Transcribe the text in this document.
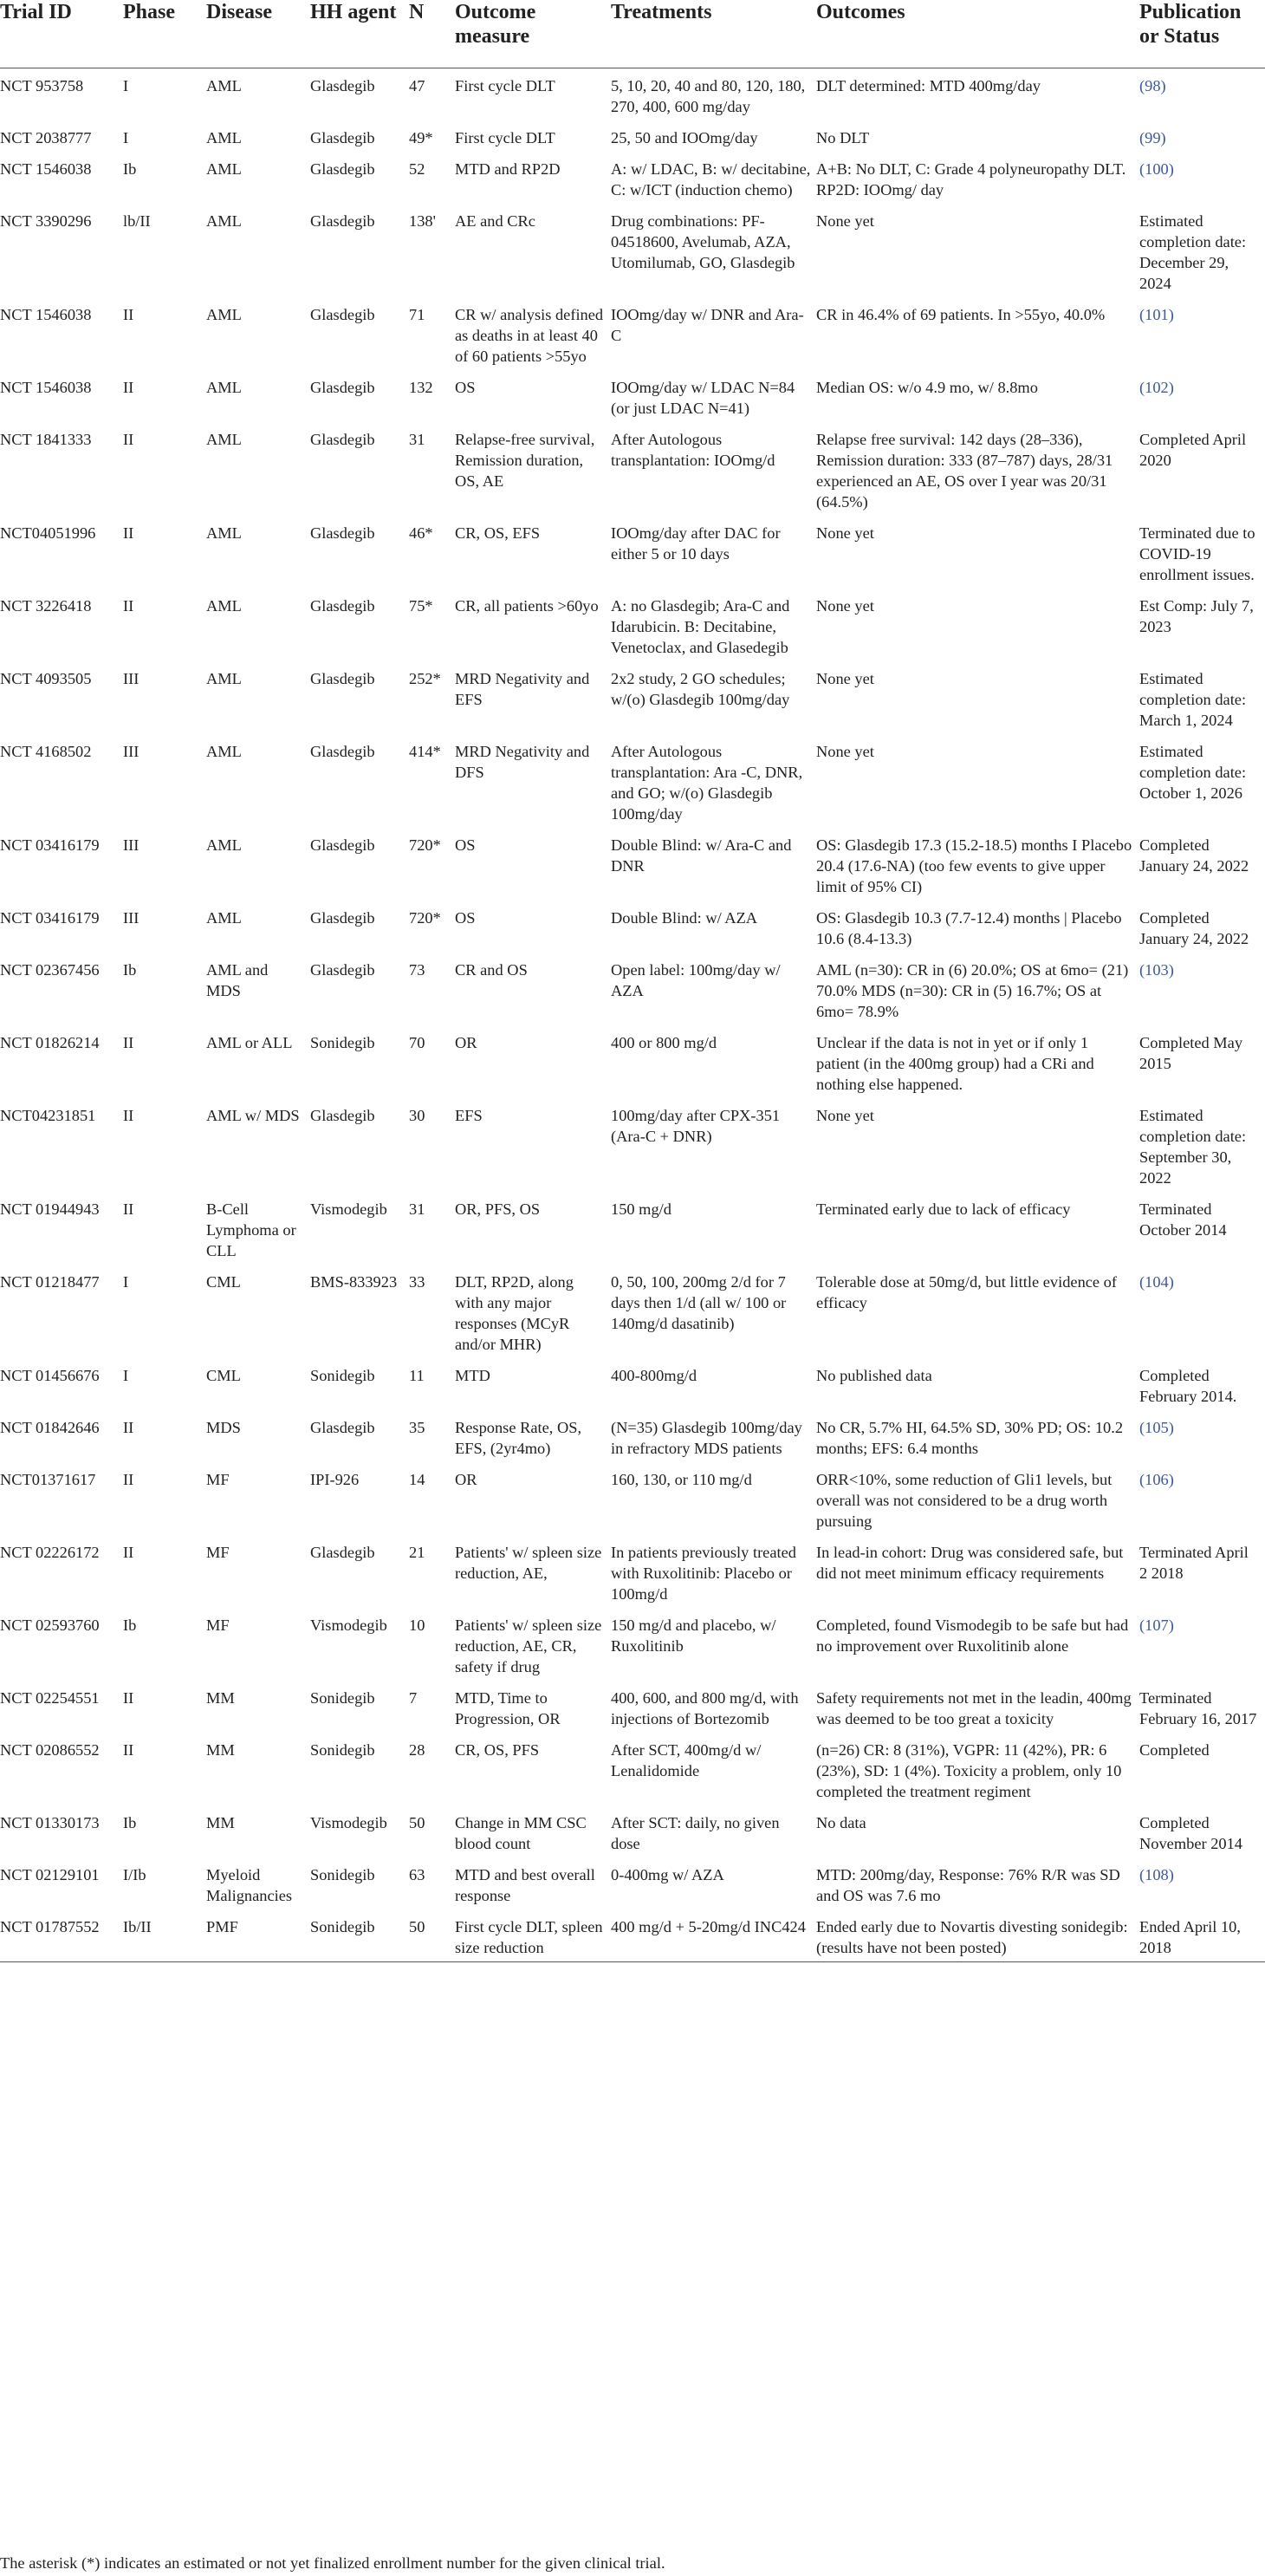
Trial ID	Phase	Disease	HH agent	N	Outcome measure	Treatments	Outcomes	Publication or Status
NCT 953758	I	AML	Glasdegib	47	First cycle DLT	5, 10, 20, 40 and 80, 120, 180, 270, 400, 600 mg/day	DLT determined: MTD 400mg/day	(98)
NCT 2038777	I	AML	Glasdegib	49*	First cycle DLT	25, 50 and IOOmg/day	No DLT	(99)
NCT 1546038	Ib	AML	Glasdegib	52	MTD and RP2D	A: w/ LDAC, B: w/ decitabine, C: w/ICT (induction chemo)	A+B: No DLT, C: Grade 4 polyneuropathy DLT. RP2D: IOOmg/ day	(100)
NCT 3390296	lb/II	AML	Glasdegib	138'	AE and CRc	Drug combinations: PF-04518600, Avelumab, AZA, Utomilumab, GO, Glasdegib	None yet	Estimated completion date: December 29, 2024
NCT 1546038	II	AML	Glasdegib	71	CR w/ analysis defined as deaths in at least 40 of 60 patients >55yo	IOOmg/day w/ DNR and Ara-C	CR in 46.4% of 69 patients. In >55yo, 40.0%	(101)
NCT 1546038	II	AML	Glasdegib	132	OS	IOOmg/day w/ LDAC N=84 (or just LDAC N=41)	Median OS: w/o 4.9 mo, w/ 8.8mo	(102)
NCT 1841333	II	AML	Glasdegib	31	Relapse-free survival, Remission duration, OS, AE	After Autologous transplantation: IOOmg/d	Relapse free survival: 142 days (28–336), Remission duration: 333 (87–787) days, 28/31 experienced an AE, OS over I year was 20/31 (64.5%)	Completed April 2020
NCT04051996	II	AML	Glasdegib	46*	CR, OS, EFS	IOOmg/day after DAC for either 5 or 10 days	None yet	Terminated due to COVID-19 enrollment issues.
NCT 3226418	II	AML	Glasdegib	75*	CR, all patients >60yo	A: no Glasdegib; Ara-C and Idarubicin. B: Decitabine, Venetoclax, and Glasedegib	None yet	Est Comp: July 7, 2023
NCT 4093505	III	AML	Glasdegib	252*	MRD Negativity and EFS	2x2 study, 2 GO schedules; w/(o) Glasdegib 100mg/day	None yet	Estimated completion date: March 1, 2024
NCT 4168502	III	AML	Glasdegib	414*	MRD Negativity and DFS	After Autologous transplantation: Ara -C, DNR, and GO; w/(o) Glasdegib 100mg/day	None yet	Estimated completion date: October 1, 2026
NCT 03416179	III	AML	Glasdegib	720*	OS	Double Blind: w/ Ara-C and DNR	OS: Glasdegib 17.3 (15.2-18.5) months I Placebo 20.4 (17.6-NA) (too few events to give upper limit of 95% CI)	Completed January 24, 2022
NCT 03416179	III	AML	Glasdegib	720*	OS	Double Blind: w/ AZA	OS: Glasdegib 10.3 (7.7-12.4) months | Placebo 10.6 (8.4-13.3)	Completed January 24, 2022
NCT 02367456	Ib	AML and MDS	Glasdegib	73	CR and OS	Open label: 100mg/day w/ AZA	AML (n=30): CR in (6) 20.0%; OS at 6mo= (21) 70.0% MDS (n=30): CR in (5) 16.7%; OS at 6mo= 78.9%	(103)
NCT 01826214	II	AML or ALL	Sonidegib	70	OR	400 or 800 mg/d	Unclear if the data is not in yet or if only 1 patient (in the 400mg group) had a CRi and nothing else happened.	Completed May 2015
NCT04231851	II	AML w/ MDS	Glasdegib	30	EFS	100mg/day after CPX-351 (Ara-C + DNR)	None yet	Estimated completion date: September 30, 2022
NCT 01944943	II	B-Cell Lymphoma or CLL	Vismodegib	31	OR, PFS, OS	150 mg/d	Terminated early due to lack of efficacy	Terminated October 2014
NCT 01218477	I	CML	BMS-833923	33	DLT, RP2D, along with any major responses (MCyR and/or MHR)	0, 50, 100, 200mg 2/d for 7 days then 1/d (all w/ 100 or 140mg/d dasatinib)	Tolerable dose at 50mg/d, but little evidence of efficacy	(104)
NCT 01456676	I	CML	Sonidegib	11	MTD	400-800mg/d	No published data	Completed February 2014.
NCT 01842646	II	MDS	Glasdegib	35	Response Rate, OS, EFS, (2yr4mo)	(N=35) Glasdegib 100mg/day in refractory MDS patients	No CR, 5.7% HI, 64.5% SD, 30% PD; OS: 10.2 months; EFS: 6.4 months	(105)
NCT01371617	II	MF	IPI-926	14	OR	160, 130, or 110 mg/d	ORR<10%, some reduction of Gli1 levels, but overall was not considered to be a drug worth pursuing	(106)
NCT 02226172	II	MF	Glasdegib	21	Patients' w/ spleen size reduction, AE,	In patients previously treated with Ruxolitinib: Placebo or 100mg/d	In lead-in cohort: Drug was considered safe, but did not meet minimum efficacy requirements	Terminated April 2 2018
NCT 02593760	Ib	MF	Vismodegib	10	Patients' w/ spleen size reduction, AE, CR, safety if drug	150 mg/d and placebo, w/ Ruxolitinib	Completed, found Vismodegib to be safe but had no improvement over Ruxolitinib alone	(107)
NCT 02254551	II	MM	Sonidegib	7	MTD, Time to Progression, OR	400, 600, and 800 mg/d, with injections of Bortezomib	Safety requirements not met in the leadin, 400mg was deemed to be too great a toxicity	Terminated February 16, 2017
NCT 02086552	II	MM	Sonidegib	28	CR, OS, PFS	After SCT, 400mg/d w/ Lenalidomide	(n=26) CR: 8 (31%), VGPR: 11 (42%), PR: 6 (23%), SD: 1 (4%). Toxicity a problem, only 10 completed the treatment regiment	Completed
NCT 01330173	Ib	MM	Vismodegib	50	Change in MM CSC blood count	After SCT: daily, no given dose	No data	Completed November 2014
NCT 02129101	I/Ib	Myeloid Malignancies	Sonidegib	63	MTD and best overall response	0-400mg w/ AZA	MTD: 200mg/day, Response: 76% R/R was SD and OS was 7.6 mo	(108)
NCT 01787552	Ib/II	PMF	Sonidegib	50	First cycle DLT, spleen size reduction	400 mg/d + 5-20mg/d INC424	Ended early due to Novartis divesting sonidegib: (results have not been posted)	Ended April 10, 2018
The asterisk (*) indicates an estimated or not yet finalized enrollment number for the given clinical trial.
